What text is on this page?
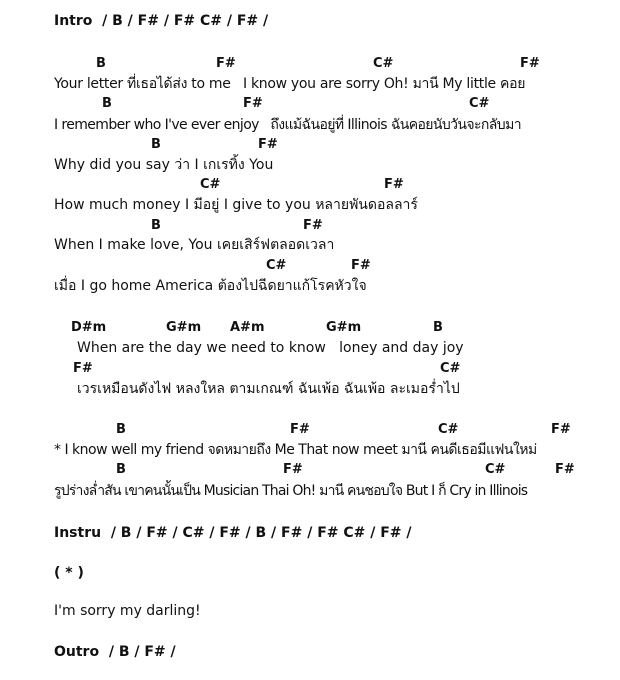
Intro  / B / F# / F# C# / F# /
B	F#	C#	F#
Your letter ที่เธอได้ส่ง to me   I know you are sorry Oh! มานี My little คอย
B	F#	C#
I remember who I've ever enjoy   ถึงแม้ฉันอยู่ที่ Illinois ฉันคอยนับวันจะกลับมา
B	F#
Why did you say ว่า I เกเรทิ้ง You
C#	F#
How much money I มีอยู่ I give to you หลายพันดอลลาร์
B	F#
When I make love, You เคยเสิร์ฟตลอดเวลา
C#	F#
เมื่อ I go home America ต้องไปฉีดยาแก้โรคหัวใจ
D#m	G#m A#m	G#m	B
When are the day we need to know   loney and day joy
F#	C#
เวรเหมือนดังไฟ หลงใหล ตามเกณฑ์ ฉันเพ้อ ฉันเพ้อ ละเมอร่ำไป
B	F#	C#	F#
* I know well my friend จดหมายถึง Me That now meet มานี คนดีเธอมีแฟนใหม่
B	F#	C#	F#
รูปร่างล่ำสัน เขาคนนั้นเป็น Musician Thai Oh! มานี คนชอบใจ But I ก็ Cry in Illinois
Instru  / B / F# / C# / F# / B / F# / F# C# / F# /
( * )
I'm sorry my darling!
Outro  / B / F# /
